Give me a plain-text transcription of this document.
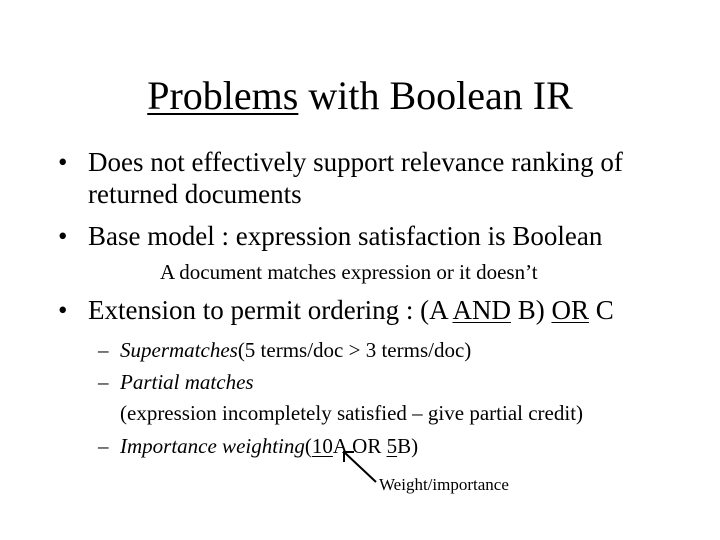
Problems with Boolean IR
• Does not effectively support relevance ranking of
returned documents
• Base model : expression satisfaction is Boolean
A document matches expression or it doesn’t
• Extension to permit ordering : (A AND B) OR C
– Supermatches(5 terms/doc > 3 terms/doc)
– Partial matches
(expression incompletely satisfied – give partial credit)
– Importance weighting(10A OR 5B)
Weight/importance
